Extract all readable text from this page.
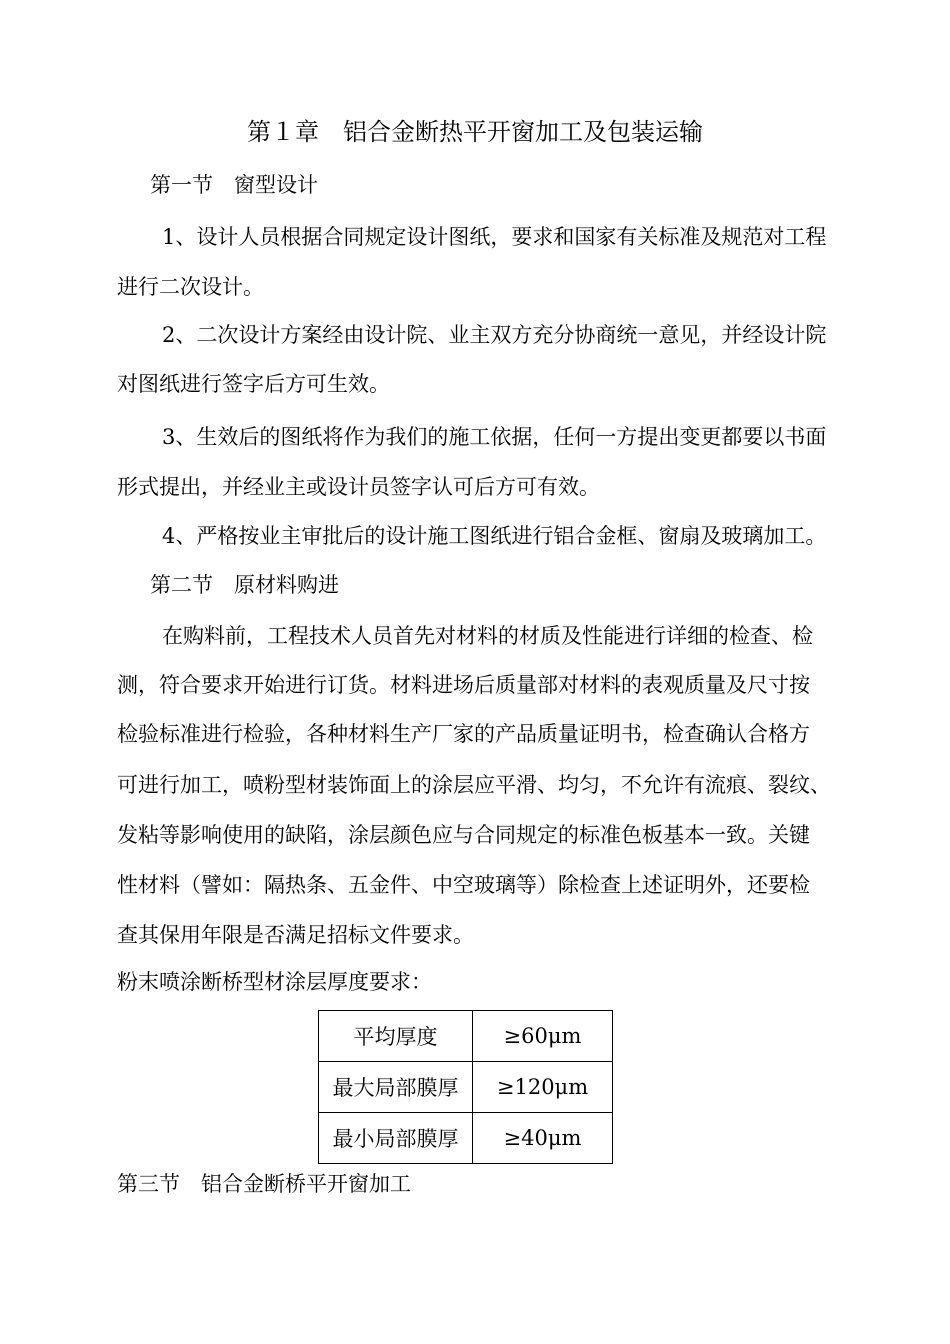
第１章　铝合金断热平开窗加工及包装运输
第一节　窗型设计
1、设计人员根据合同规定设计图纸，要求和国家有关标准及规范对工程
进行二次设计。
2、二次设计方案经由设计院、业主双方充分协商统一意见，并经设计院
对图纸进行签字后方可生效。
3、生效后的图纸将作为我们的施工依据，任何一方提出变更都要以书面
形式提出，并经业主或设计员签字认可后方可有效。
4、严格按业主审批后的设计施工图纸进行铝合金框、窗扇及玻璃加工。
第二节　原材料购进
在购料前，工程技术人员首先对材料的材质及性能进行详细的检查、检
测，符合要求开始进行订货。材料进场后质量部对材料的表观质量及尺寸按
检验标准进行检验，各种材料生产厂家的产品质量证明书，检查确认合格方
可进行加工，喷粉型材装饰面上的涂层应平滑、均匀，不允许有流痕、裂纹、
发粘等影响使用的缺陷，涂层颜色应与合同规定的标准色板基本一致。关键
性材料（譬如：隔热条、五金件、中空玻璃等）除检查上述证明外，还要检
查其保用年限是否满足招标文件要求。
粉末喷涂断桥型材涂层厚度要求：
平均厚度	≥60μm
最大局部膜厚	≥120μm
最小局部膜厚	≥40μm
第三节　铝合金断桥平开窗加工
